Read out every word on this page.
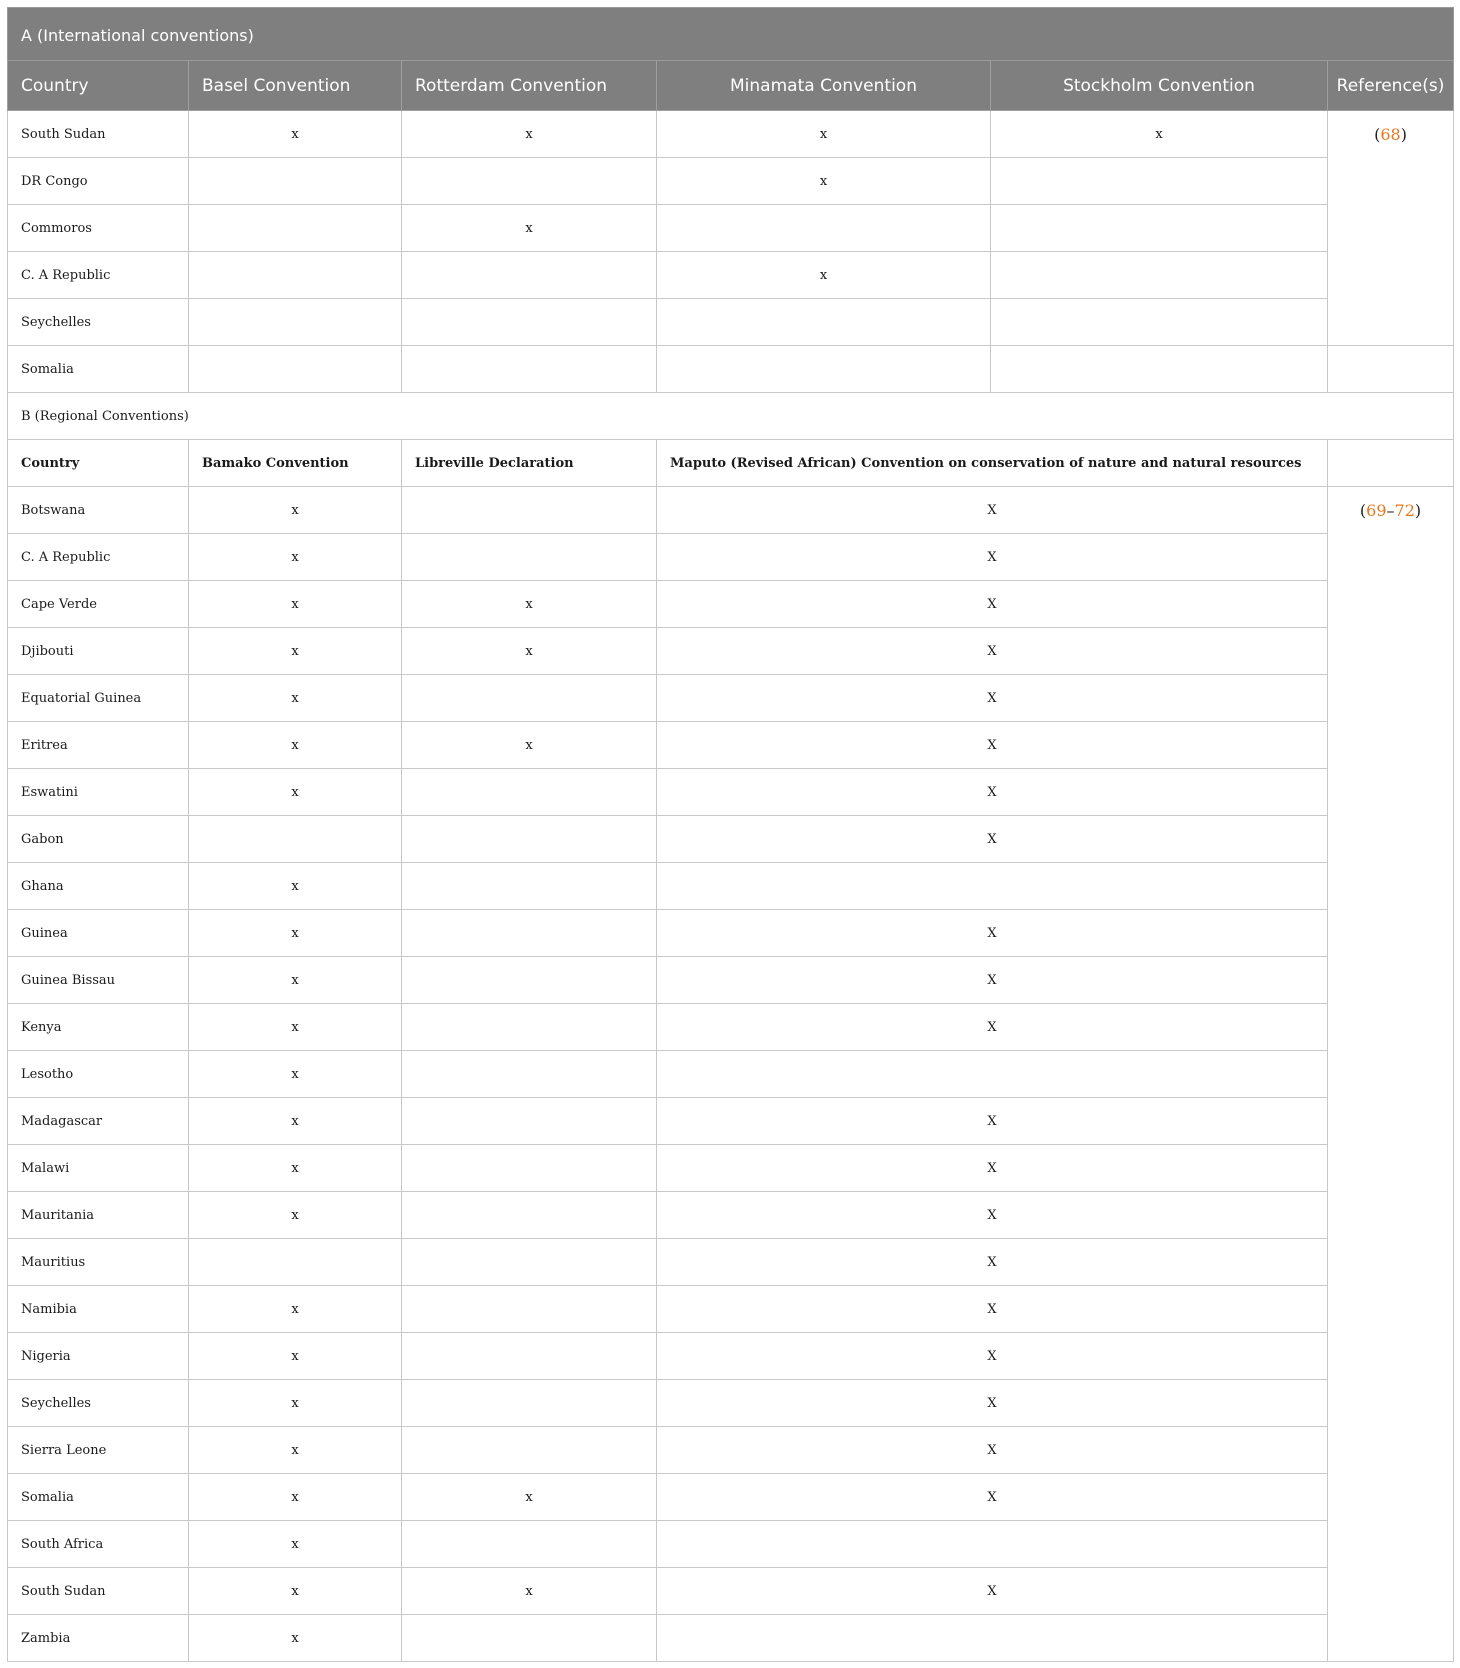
A (International conventions)					
Country	Basel Convention	Rotterdam Convention	Minamata Convention	Stockholm Convention	Reference(s)
South Sudan	x	x	x	x	(68)
DR Congo			x		
Commoros		x			
C. A Republic			x		
Seychelles					
Somalia					
B (Regional Conventions)					
Country	Bamako Convention	Libreville Declaration	Maputo (Revised African) Convention on conservation of nature and natural resources		
Botswana	x		X		(69–72)
C. A Republic	x		X		
Cape Verde	x	x	X		
Djibouti	x	x	X		
Equatorial Guinea	x		X		
Eritrea	x	x	X		
Eswatini	x		X		
Gabon			X		
Ghana	x				
Guinea	x		X		
Guinea Bissau	x		X		
Kenya	x		X		
Lesotho	x				
Madagascar	x		X		
Malawi	x		X		
Mauritania	x		X		
Mauritius			X		
Namibia	x		X		
Nigeria	x		X		
Seychelles	x		X		
Sierra Leone	x		X		
Somalia	x	x	X		
South Africa	x				
South Sudan	x	x	X		
Zambia	x				
